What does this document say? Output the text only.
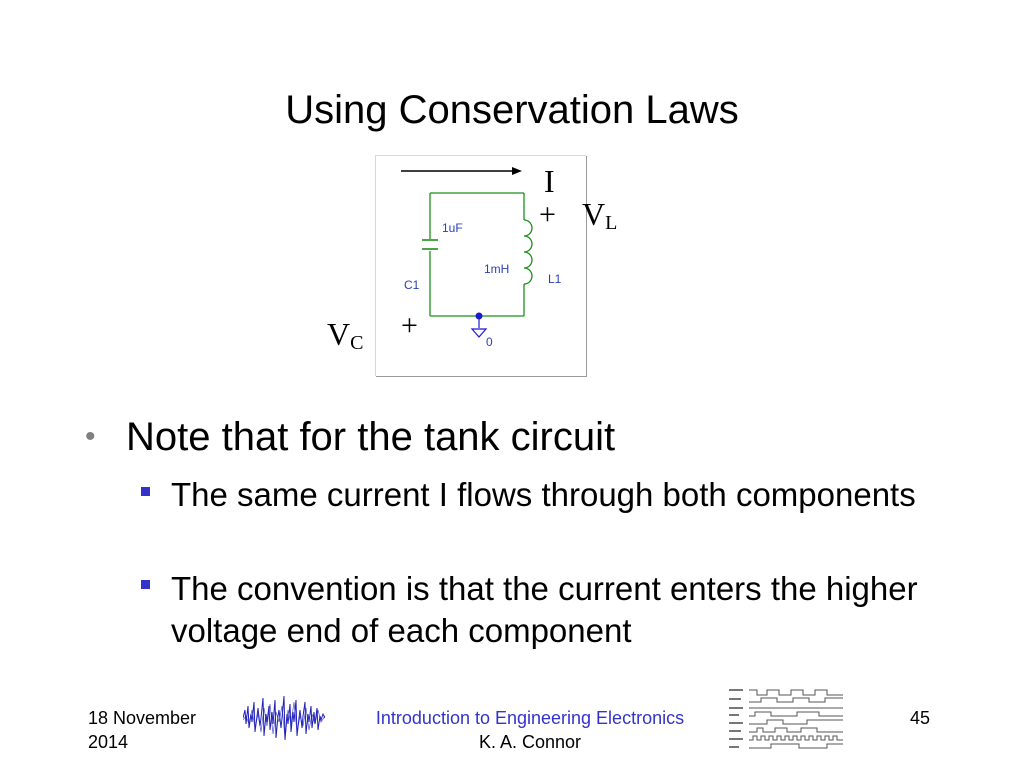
Using Conservation Laws
1uF
C1
1mH
L1
0
I
+ $V_L$
+
$V_C$
• Note that for the tank circuit
The same current I flows through both components
The convention is that the current enters the higher voltage end of each component
18 November 2014
Introduction to Engineering Electronics
K. A. Connor
45
